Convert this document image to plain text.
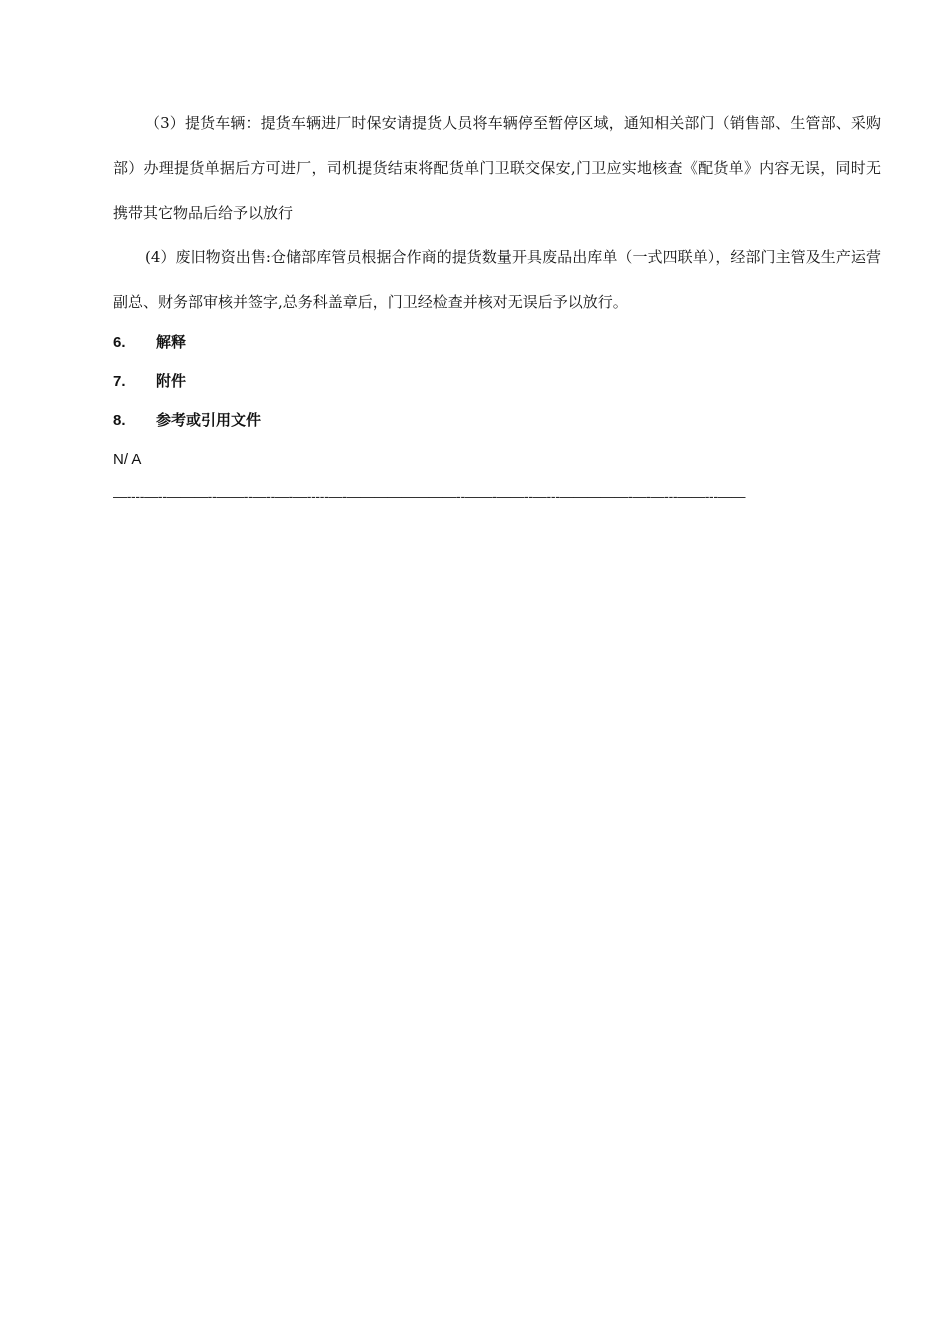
（3）提货车辆：提货车辆进厂时保安请提货人员将车辆停至暂停区域，通知相关部门（销售部、生管部、采购部）办理提货单据后方可进厂，司机提货结束将配货单门卫联交保安,门卫应实地核查《配货单》内容无误，同时无携带其它物品后给予以放行

(4）废旧物资出售:仓储部库管员根据合作商的提货数量开具废品出库单（一式四联单），经部门主管及生产运营副总、财务部审核并签字,总务科盖章后，门卫经检查并核对无误后予以放行。

6. 解释
7. 附件
8. 参考或引用文件
N/ A
—----—--———--——--—--—-—-----—-————————--——-——--—---—————-—-—---——---——
